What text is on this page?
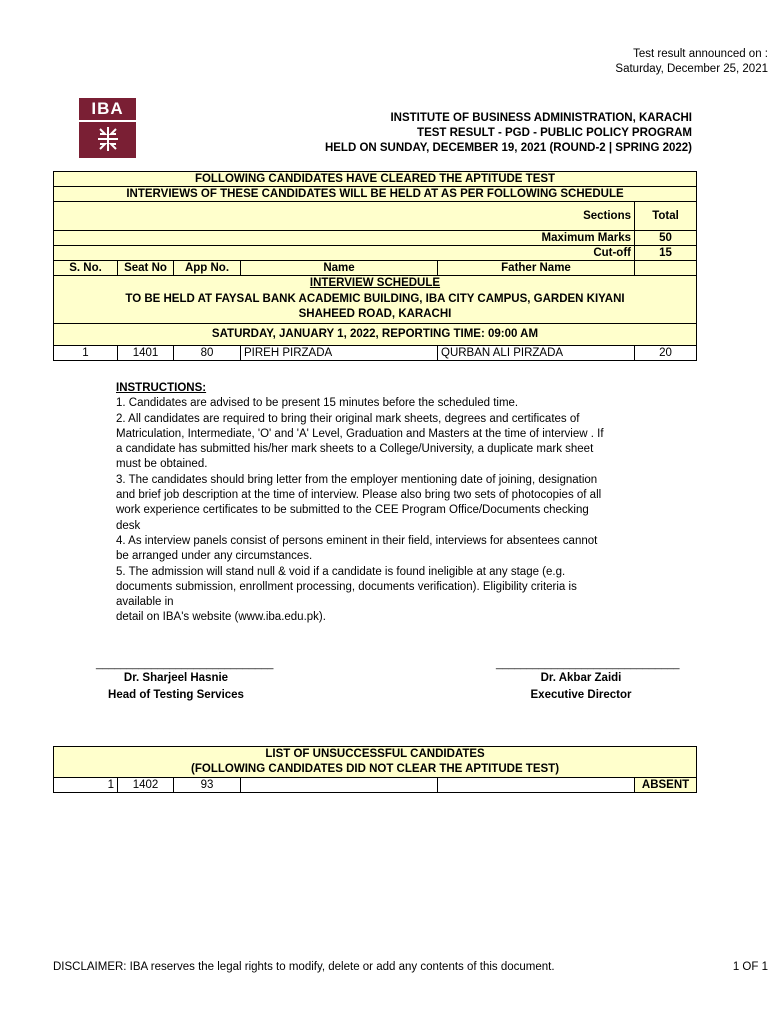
Test result announced on :
Saturday, December 25, 2021
IBA	INSTITUTE OF BUSINESS ADMINISTRATION, KARACHI
TEST RESULT - PGD - PUBLIC POLICY PROGRAM
HELD ON SUNDAY, DECEMBER 19, 2021 (ROUND-2 | SPRING 2022)
FOLLOWING CANDIDATES HAVE CLEARED THE APTITUDE TEST					
INTERVIEWS OF THESE CANDIDATES WILL BE HELD AT AS PER FOLLOWING SCHEDULE					
Sections					Total
Maximum Marks					50
Cut-off					15
S. No.	Seat No	App No.	Name	Father Name	

INTERVIEW SCHEDULE
TO BE HELD AT FAYSAL BANK ACADEMIC BUILDING, IBA CITY CAMPUS, GARDEN KIYANI
SHAHEED ROAD, KARACHI					

SATURDAY, JANUARY 1, 2022, REPORTING TIME: 09:00 AM					
1	1401	80	PIREH PIRZADA	QURBAN ALI PIRZADA	20
INSTRUCTIONS:
1. Candidates are advised to be present 15 minutes before the scheduled time.
2. All candidates are required to bring their original mark sheets, degrees and certificates of
Matriculation, Intermediate, 'O' and 'A' Level, Graduation and Masters at the time of interview . If
a candidate has submitted his/her mark sheets to a College/University, a duplicate mark sheet
must be obtained.
3. The candidates should bring letter from the employer mentioning date of joining, designation
and brief job description at the time of interview. Please also bring two sets of photocopies of all
work experience certificates to be submitted to the CEE Program Office/Documents checking
desk
4. As interview panels consist of persons eminent in their field, interviews for absentees cannot
be arranged under any circumstances.
5. The admission will stand null & void if a candidate is found ineligible at any stage (e.g.
documents submission, enrollment processing, documents verification). Eligibility criteria is
available in
detail on IBA's website (www.iba.edu.pk).
_____________________________
Dr. Sharjeel Hasnie
Head of Testing Services
______________________________
Dr. Akbar Zaidi
Executive Director
LIST OF UNSUCCESSFUL CANDIDATES
(FOLLOWING CANDIDATES DID NOT CLEAR THE APTITUDE TEST)

1	1402	93			ABSENT
DISCLAIMER: IBA reserves the legal rights to modify, delete or add any contents of this document.	1 OF 1
